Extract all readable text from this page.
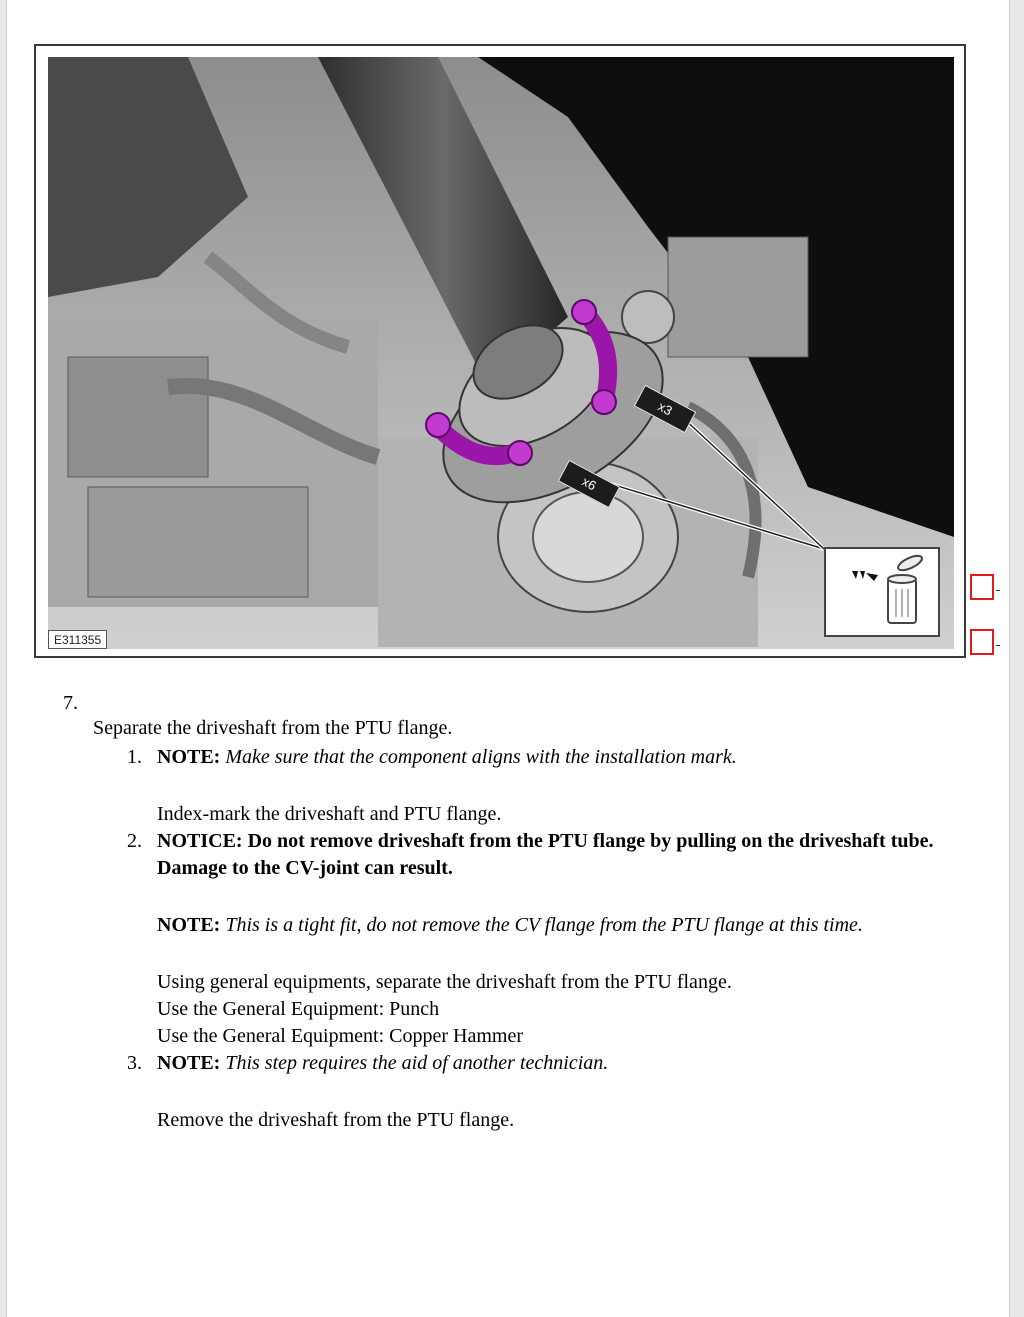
x6
x3
E311355
7.
Separate the driveshaft from the PTU flange.
1. NOTE: Make sure that the component aligns with the installation mark.
Index-mark the driveshaft and PTU flange.
2. NOTICE: Do not remove driveshaft from the PTU flange by pulling on the driveshaft tube. Damage to the CV-joint can result.
NOTE: This is a tight fit, do not remove the CV flange from the PTU flange at this time.
Using general equipments, separate the driveshaft from the PTU flange.
Use the General Equipment: Punch
Use the General Equipment: Copper Hammer
3. NOTE: This step requires the aid of another technician.
Remove the driveshaft from the PTU flange.
